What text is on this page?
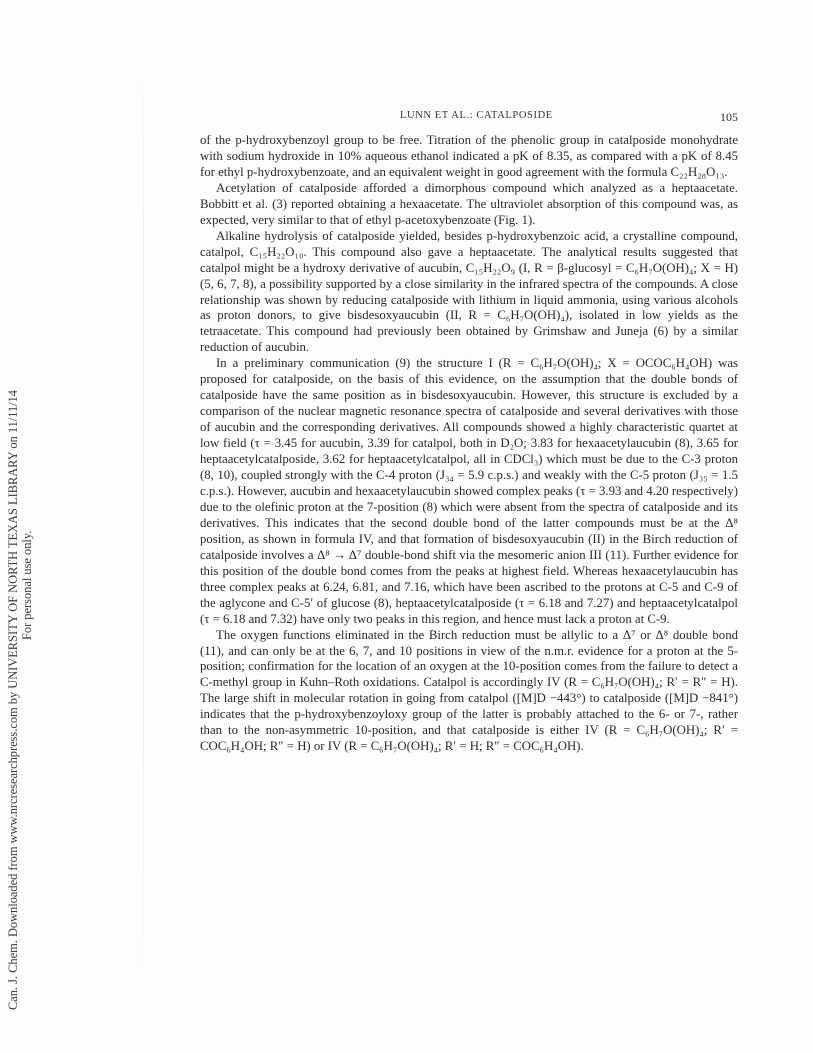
Can. J. Chem. Downloaded from www.nrcresearchpress.com by UNIVERSITY OF NORTH TEXAS LIBRARY on 11/11/14 For personal use only.
LUNN ET AL.: CATALPOSIDE	105

of the p-hydroxybenzoyl group to be free. Titration of the phenolic group in catalposide monohydrate with sodium hydroxide in 10% aqueous ethanol indicated a pK of 8.35, as compared with a pK of 8.45 for ethyl p-hydroxybenzoate, and an equivalent weight in good agreement with the formula C₂₂H₂₈O₁₃.

Acetylation of catalposide afforded a dimorphous compound which analyzed as a heptaacetate. Bobbitt et al. (3) reported obtaining a hexaacetate. The ultraviolet absorption of this compound was, as expected, very similar to that of ethyl p-acetoxybenzoate (Fig. 1).

Alkaline hydrolysis of catalposide yielded, besides p-hydroxybenzoic acid, a crystalline compound, catalpol, C₁₅H₂₂O₁₀. This compound also gave a heptaacetate. The analytical results suggested that catalpol might be a hydroxy derivative of aucubin, C₁₅H₂₂O₉ (I, R = β-glucosyl = C₆H₇O(OH)₄; X = H) (5, 6, 7, 8), a possibility supported by a close similarity in the infrared spectra of the compounds. A close relationship was shown by reducing catalposide with lithium in liquid ammonia, using various alcohols as proton donors, to give bisdesoxyaucubin (II, R = C₆H₇O(OH)₄), isolated in low yields as the tetraacetate. This compound had previously been obtained by Grimshaw and Juneja (6) by a similar reduction of aucubin.

In a preliminary communication (9) the structure I (R = C₆H₇O(OH)₄; X = OCOC₆H₄OH) was proposed for catalposide, on the basis of this evidence, on the assumption that the double bonds of catalposide have the same position as in bisdesoxyaucubin. However, this structure is excluded by a comparison of the nuclear magnetic resonance spectra of catalposide and several derivatives with those of aucubin and the corresponding derivatives. All compounds showed a highly characteristic quartet at low field (τ = 3.45 for aucubin, 3.39 for catalpol, both in D₂O; 3.83 for hexaacetylaucubin (8), 3.65 for heptaacetylcatalposide, 3.62 for heptaacetylcatalpol, all in CDCl₃) which must be due to the C-3 proton (8, 10), coupled strongly with the C-4 proton (J₃₄ = 5.9 c.p.s.) and weakly with the C-5 proton (J₃₅ = 1.5 c.p.s.). However, aucubin and hexaacetylaucubin showed complex peaks (τ = 3.93 and 4.20 respectively) due to the olefinic proton at the 7-position (8) which were absent from the spectra of catalposide and its derivatives. This indicates that the second double bond of the latter compounds must be at the Δ⁸ position, as shown in formula IV, and that formation of bisdesoxyaucubin (II) in the Birch reduction of catalposide involves a Δ⁸ → Δ⁷ double-bond shift via the mesomeric anion III (11). Further evidence for this position of the double bond comes from the peaks at highest field. Whereas hexaacetylaucubin has three complex peaks at 6.24, 6.81, and 7.16, which have been ascribed to the protons at C-5 and C-9 of the aglycone and C-5′ of glucose (8), heptaacetylcatalposide (τ = 6.18 and 7.27) and heptaacetylcatalpol (τ = 6.18 and 7.32) have only two peaks in this region, and hence must lack a proton at C-9.

The oxygen functions eliminated in the Birch reduction must be allylic to a Δ⁷ or Δ⁸ double bond (11), and can only be at the 6, 7, and 10 positions in view of the n.m.r. evidence for a proton at the 5-position; confirmation for the location of an oxygen at the 10-position comes from the failure to detect a C-methyl group in Kuhn–Roth oxidations. Catalpol is accordingly IV (R = C₆H₇O(OH)₄; R′ = R″ = H). The large shift in molecular rotation in going from catalpol ([M]D −443°) to catalposide ([M]D −841°) indicates that the p-hydroxybenzoyloxy group of the latter is probably attached to the 6- or 7-, rather than to the non-asymmetric 10-position, and that catalposide is either IV (R = C₆H₇O(OH)₄; R′ = COC₆H₄OH; R″ = H) or IV (R = C₆H₇O(OH)₄; R′ = H; R″ = COC₆H₄OH).
